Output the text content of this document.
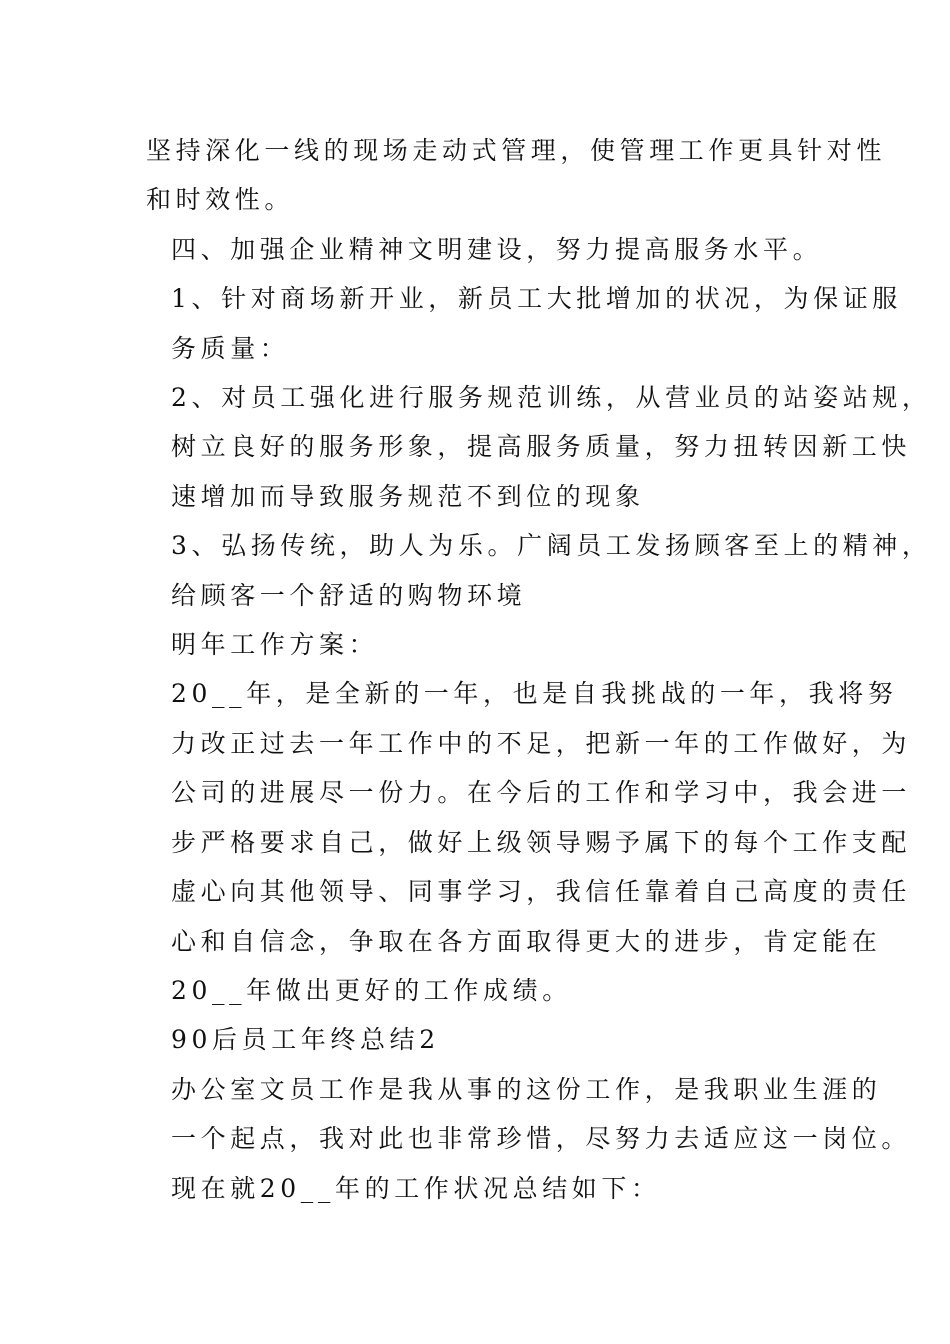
坚持深化一线的现场走动式管理，使管理工作更具针对性
和时效性。

四、加强企业精神文明建设，努力提高服务水平。

1、针对商场新开业，新员工大批增加的状况，为保证服
务质量：

2、对员工强化进行服务规范训练，从营业员的站姿站规，
树立良好的服务形象，提高服务质量，努力扭转因新工快
速增加而导致服务规范不到位的现象

3、弘扬传统，助人为乐。广阔员工发扬顾客至上的精神，
给顾客一个舒适的购物环境

明年工作方案：

20__年，是全新的一年，也是自我挑战的一年，我将努
力改正过去一年工作中的不足，把新一年的工作做好，为
公司的进展尽一份力。在今后的工作和学习中，我会进一
步严格要求自己，做好上级领导赐予属下的每个工作支配
虚心向其他领导、同事学习，我信任靠着自己高度的责任
心和自信念，争取在各方面取得更大的进步，肯定能在
20__年做出更好的工作成绩。

90后员工年终总结2

办公室文员工作是我从事的这份工作，是我职业生涯的
一个起点，我对此也非常珍惜，尽努力去适应这一岗位。
现在就20__年的工作状况总结如下：
